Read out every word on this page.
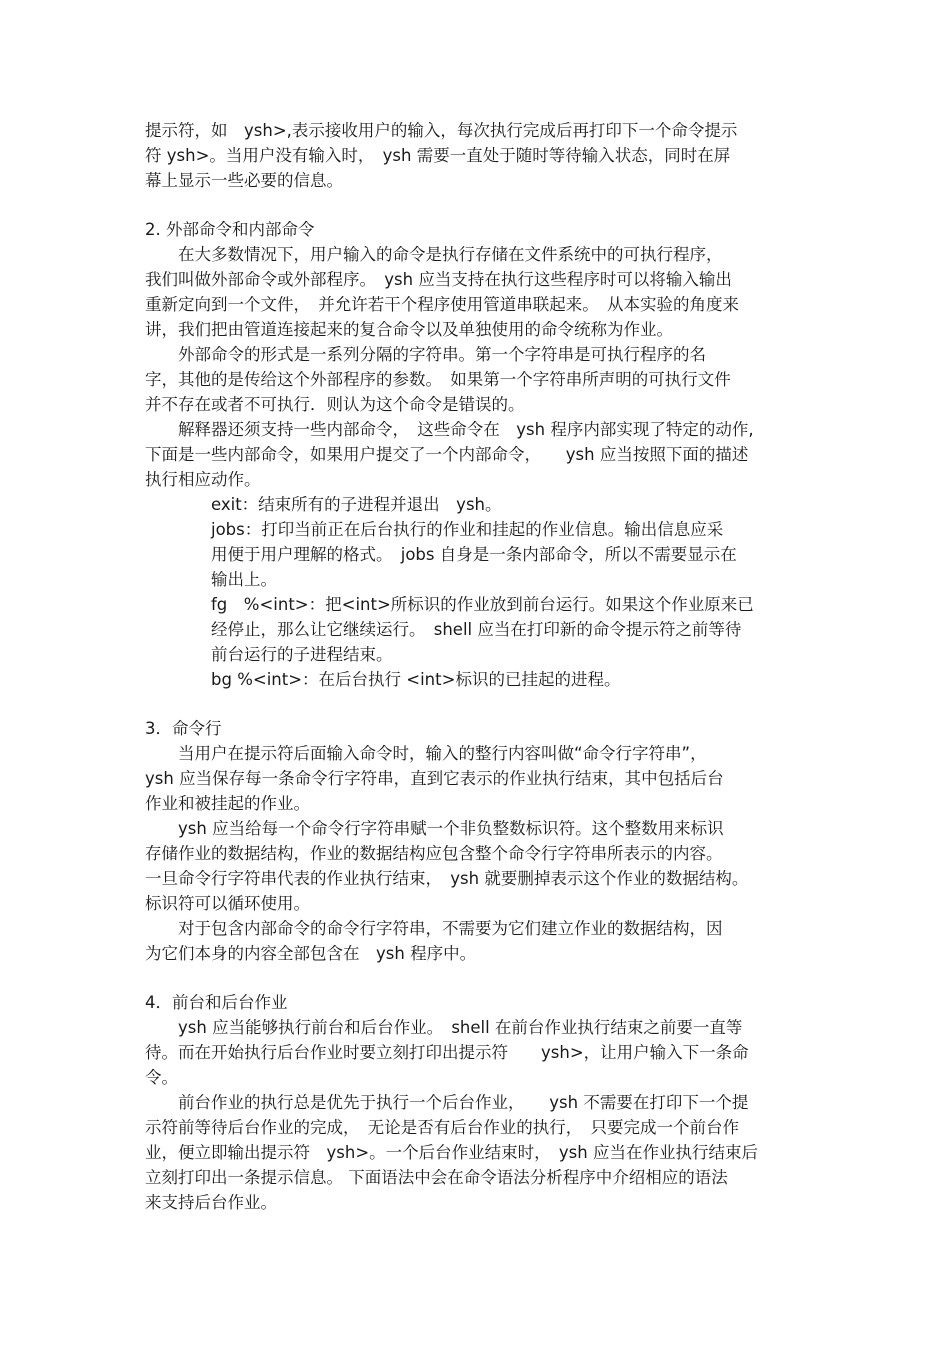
提示符，如　ysh>,表示接收用户的输入，每次执行完成后再打印下一个命令提示
符 ysh>。当用户没有输入时，　ysh 需要一直处于随时等待输入状态，同时在屏
幕上显示一些必要的信息。

2. 外部命令和内部命令

在大多数情况下，用户输入的命令是执行存储在文件系统中的可执行程序，
我们叫做外部命令或外部程序。　ysh 应当支持在执行这些程序时可以将输入输出
重新定向到一个文件，　并允许若干个程序使用管道串联起来。　从本实验的角度来
讲，我们把由管道连接起来的复合命令以及单独使用的命令统称为作业。

外部命令的形式是一系列分隔的字符串。第一个字符串是可执行程序的名
字，其他的是传给这个外部程序的参数。　如果第一个字符串所声明的可执行文件
并不存在或者不可执行．则认为这个命令是错误的。

解释器还须支持一些内部命令，　这些命令在　ysh 程序内部实现了特定的动作,
下面是一些内部命令，如果用户提交了一个内部命令，　　ysh 应当按照下面的描述
执行相应动作。

exit：结束所有的子进程并退出　ysh。

jobs：打印当前正在后台执行的作业和挂起的作业信息。输出信息应采
用便于用户理解的格式。　jobs 自身是一条内部命令，所以不需要显示在
输出上。

fg　%<int>：把<int>所标识的作业放到前台运行。如果这个作业原来已
经停止，那么让它继续运行。　shell 应当在打印新的命令提示符之前等待
前台运行的子进程结束。

bg %<int>：在后台执行 <int>标识的已挂起的进程。

3．命令行

当用户在提示符后面输入命令时，输入的整行内容叫做“命令行字符串”，
ysh 应当保存每一条命令行字符串，直到它表示的作业执行结束，其中包括后台
作业和被挂起的作业。

ysh 应当给每一个命令行字符串赋一个非负整数标识符。这个整数用来标识
存储作业的数据结构，作业的数据结构应包含整个命令行字符串所表示的内容。
一旦命令行字符串代表的作业执行结束，　ysh 就要删掉表示这个作业的数据结构。
标识符可以循环使用。

对于包含内部命令的命令行字符串，不需要为它们建立作业的数据结构，因
为它们本身的内容全部包含在　ysh 程序中。

4．前台和后台作业

ysh 应当能够执行前台和后台作业。　shell 在前台作业执行结束之前要一直等
待。而在开始执行后台作业时要立刻打印出提示符　　ysh>，让用户输入下一条命
令。

前台作业的执行总是优先于执行一个后台作业，　　ysh 不需要在打印下一个提
示符前等待后台作业的完成，　无论是否有后台作业的执行，　只要完成一个前台作
业，便立即输出提示符　ysh>。一个后台作业结束时，　ysh 应当在作业执行结束后
立刻打印出一条提示信息。 下面语法中会在命令语法分析程序中介绍相应的语法
来支持后台作业。
